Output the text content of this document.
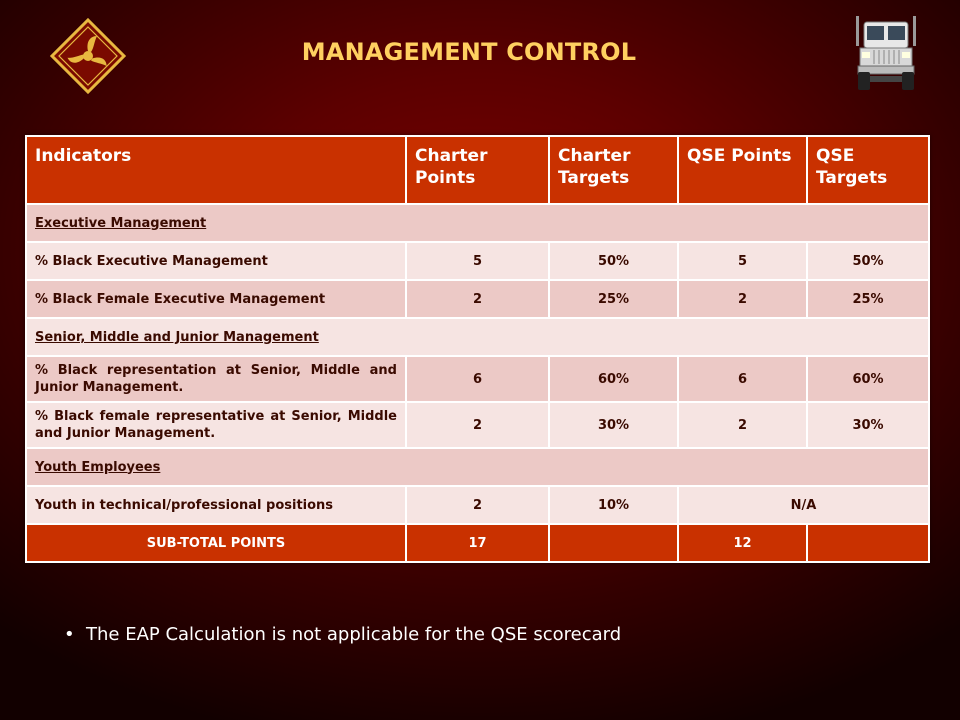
MANAGEMENT CONTROL
Indicators	Charter Points	Charter Targets	QSE Points	QSE Targets
Executive Management				
% Black Executive Management	5	50%	5	50%
% Black Female Executive Management	2	25%	2	25%
Senior, Middle and Junior Management				
% Black representation at Senior, Middle and Junior Management.	6	60%	6	60%
% Black female representative at Senior, Middle and Junior Management.	2	30%	2	30%
Youth Employees				
Youth in technical/professional positions	2	10%	N/A	
SUB-TOTAL POINTS	17		12	
• The EAP Calculation is not applicable for the QSE scorecard
